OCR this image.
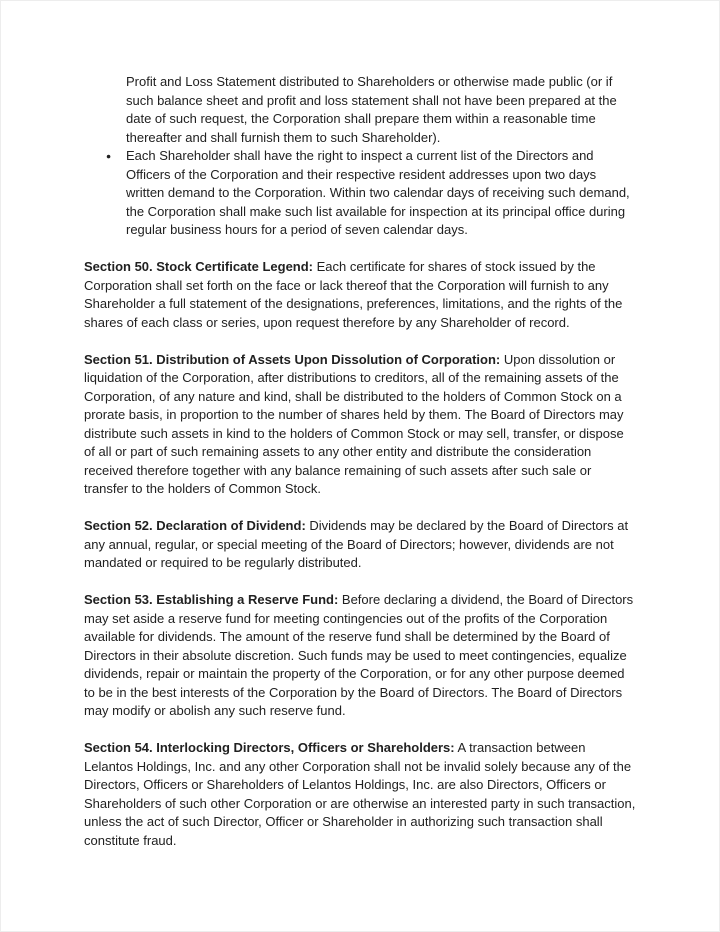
Profit and Loss Statement distributed to Shareholders or otherwise made public (or if such balance sheet and profit and loss statement shall not have been prepared at the date of such request, the Corporation shall prepare them within a reasonable time thereafter and shall furnish them to such Shareholder).

● Each Shareholder shall have the right to inspect a current list of the Directors and Officers of the Corporation and their respective resident addresses upon two days written demand to the Corporation. Within two calendar days of receiving such demand, the Corporation shall make such list available for inspection at its principal office during regular business hours for a period of seven calendar days.

Section 50. Stock Certificate Legend: Each certificate for shares of stock issued by the Corporation shall set forth on the face or lack thereof that the Corporation will furnish to any Shareholder a full statement of the designations, preferences, limitations, and the rights of the shares of each class or series, upon request therefore by any Shareholder of record.

Section 51. Distribution of Assets Upon Dissolution of Corporation: Upon dissolution or liquidation of the Corporation, after distributions to creditors, all of the remaining assets of the Corporation, of any nature and kind, shall be distributed to the holders of Common Stock on a prorate basis, in proportion to the number of shares held by them. The Board of Directors may distribute such assets in kind to the holders of Common Stock or may sell, transfer, or dispose of all or part of such remaining assets to any other entity and distribute the consideration received therefore together with any balance remaining of such assets after such sale or transfer to the holders of Common Stock.

Section 52. Declaration of Dividend: Dividends may be declared by the Board of Directors at any annual, regular, or special meeting of the Board of Directors; however, dividends are not mandated or required to be regularly distributed.

Section 53. Establishing a Reserve Fund: Before declaring a dividend, the Board of Directors may set aside a reserve fund for meeting contingencies out of the profits of the Corporation available for dividends. The amount of the reserve fund shall be determined by the Board of Directors in their absolute discretion. Such funds may be used to meet contingencies, equalize dividends, repair or maintain the property of the Corporation, or for any other purpose deemed to be in the best interests of the Corporation by the Board of Directors. The Board of Directors may modify or abolish any such reserve fund.

Section 54. Interlocking Directors, Officers or Shareholders: A transaction between Lelantos Holdings, Inc. and any other Corporation shall not be invalid solely because any of the Directors, Officers or Shareholders of Lelantos Holdings, Inc. are also Directors, Officers or Shareholders of such other Corporation or are otherwise an interested party in such transaction, unless the act of such Director, Officer or Shareholder in authorizing such transaction shall constitute fraud.
